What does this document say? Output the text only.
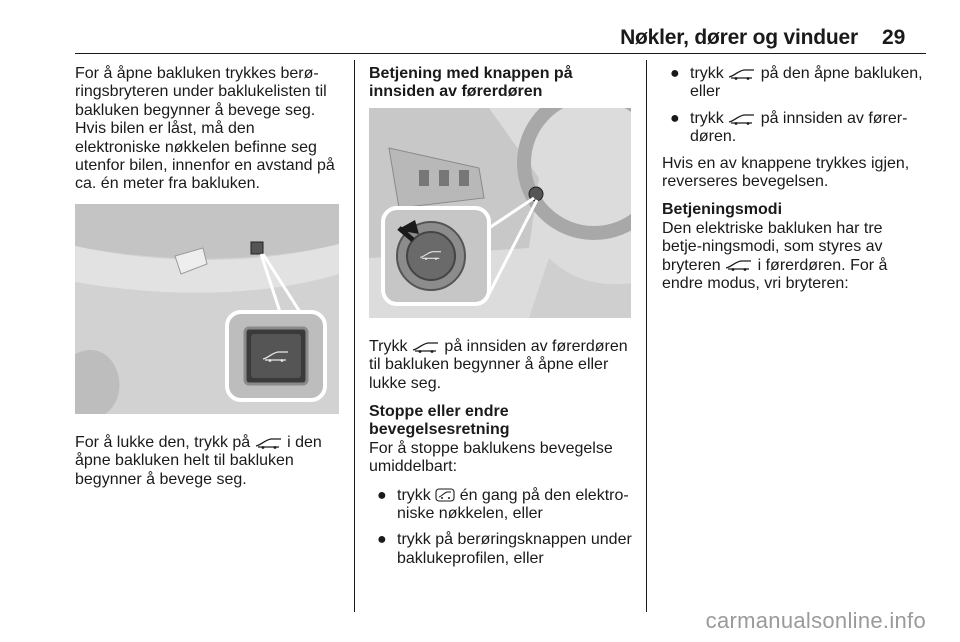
Nøkler, dører og vinduer 29

For å åpne bakluken trykkes berø-ringsbryteren under baklukelisten til bakluken begynner å bevege seg. Hvis bilen er låst, må den elektroniske nøkkelen befinne seg utenfor bilen, innenfor en avstand på ca. én meter fra bakluken.

For å lukke den, trykk på i den åpne bakluken helt til bakluken begynner å bevege seg.

Betjening med knappen på innsiden av førerdøren

Trykk på innsiden av førerdøren til bakluken begynner å åpne eller lukke seg.

Stoppe eller endre bevegelsesretning

For å stoppe baklukens bevegelse umiddelbart:

● trykk én gang på den elektro-niske nøkkelen, eller
● trykk på berøringsknappen under baklukeprofilen, eller
● trykk på den åpne bakluken, eller
● trykk på innsiden av fører-døren.

Hvis en av knappene trykkes igjen, reverseres bevegelsen.

Betjeningsmodi

Den elektriske bakluken har tre betje-ningsmodi, som styres av bryteren i førerdøren. For å endre modus, vri bryteren:

carmanualsonline.info
